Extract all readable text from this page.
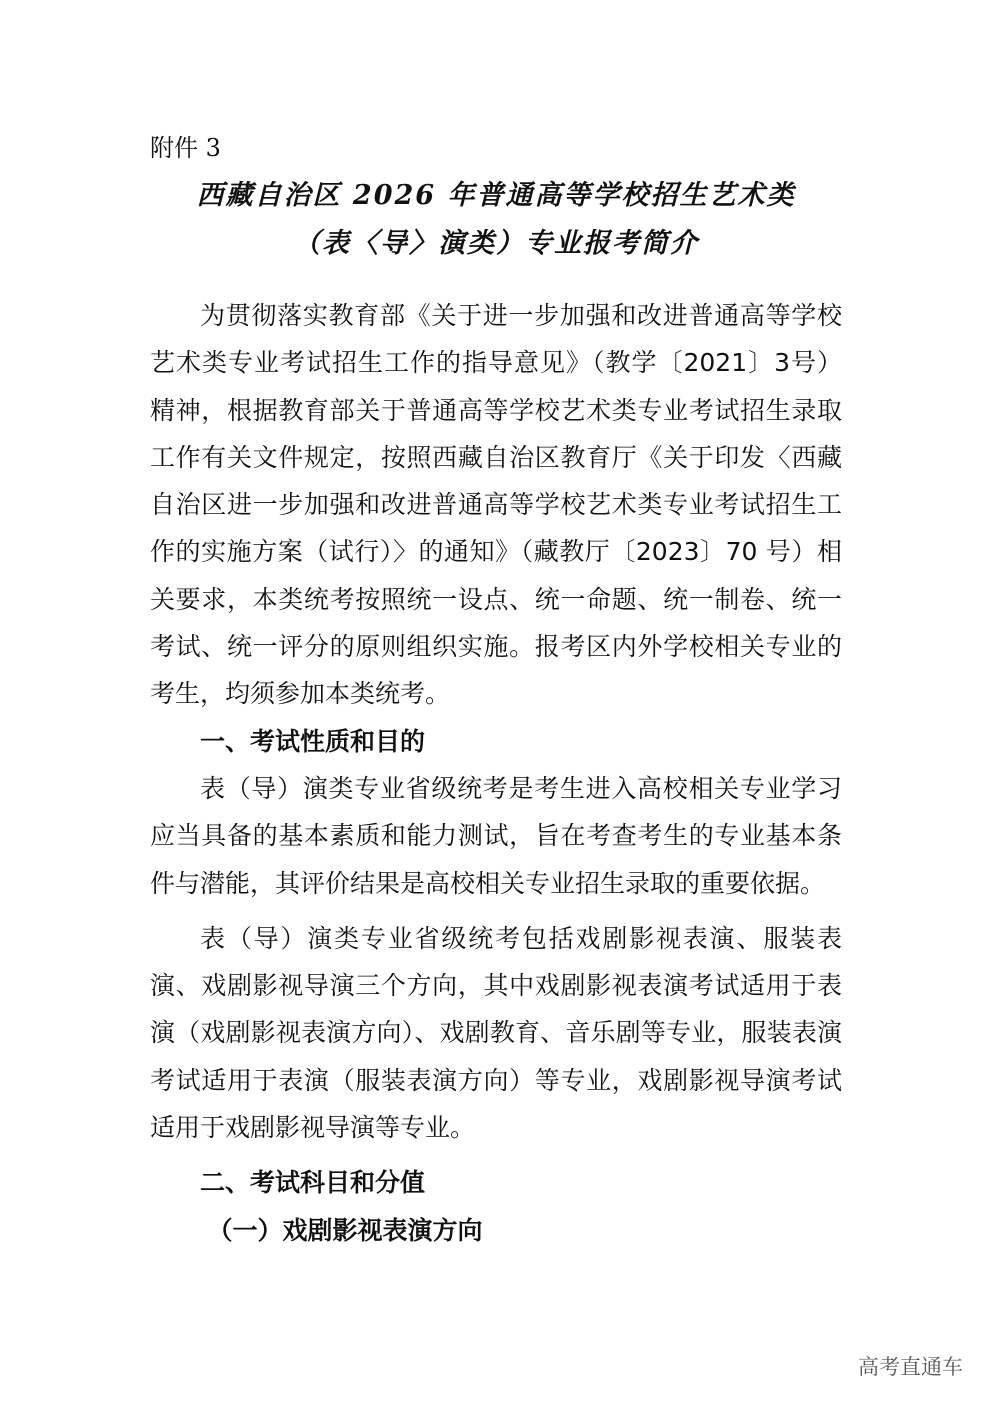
附件 3
西藏自治区 2026 年普通高等学校招生艺术类
（表〈导〉演类）专业报考简介

为贯彻落实教育部《关于进一步加强和改进普通高等学校艺术类专业考试招生工作的指导意见》（教学〔2021〕3号）精神，根据教育部关于普通高等学校艺术类专业考试招生录取工作有关文件规定，按照西藏自治区教育厅《关于印发〈西藏自治区进一步加强和改进普通高等学校艺术类专业考试招生工作的实施方案（试行）〉的通知》（藏教厅〔2023〕70 号）相关要求，本类统考按照统一设点、统一命题、统一制卷、统一考试、统一评分的原则组织实施。报考区内外学校相关专业的考生，均须参加本类统考。

一、考试性质和目的

表（导）演类专业省级统考是考生进入高校相关专业学习应当具备的基本素质和能力测试，旨在考查考生的专业基本条件与潜能，其评价结果是高校相关专业招生录取的重要依据。

表（导）演类专业省级统考包括戏剧影视表演、服装表演、戏剧影视导演三个方向，其中戏剧影视表演考试适用于表演（戏剧影视表演方向）、戏剧教育、音乐剧等专业，服装表演考试适用于表演（服装表演方向）等专业，戏剧影视导演考试适用于戏剧影视导演等专业。

二、考试科目和分值
（一）戏剧影视表演方向
高考直通车
